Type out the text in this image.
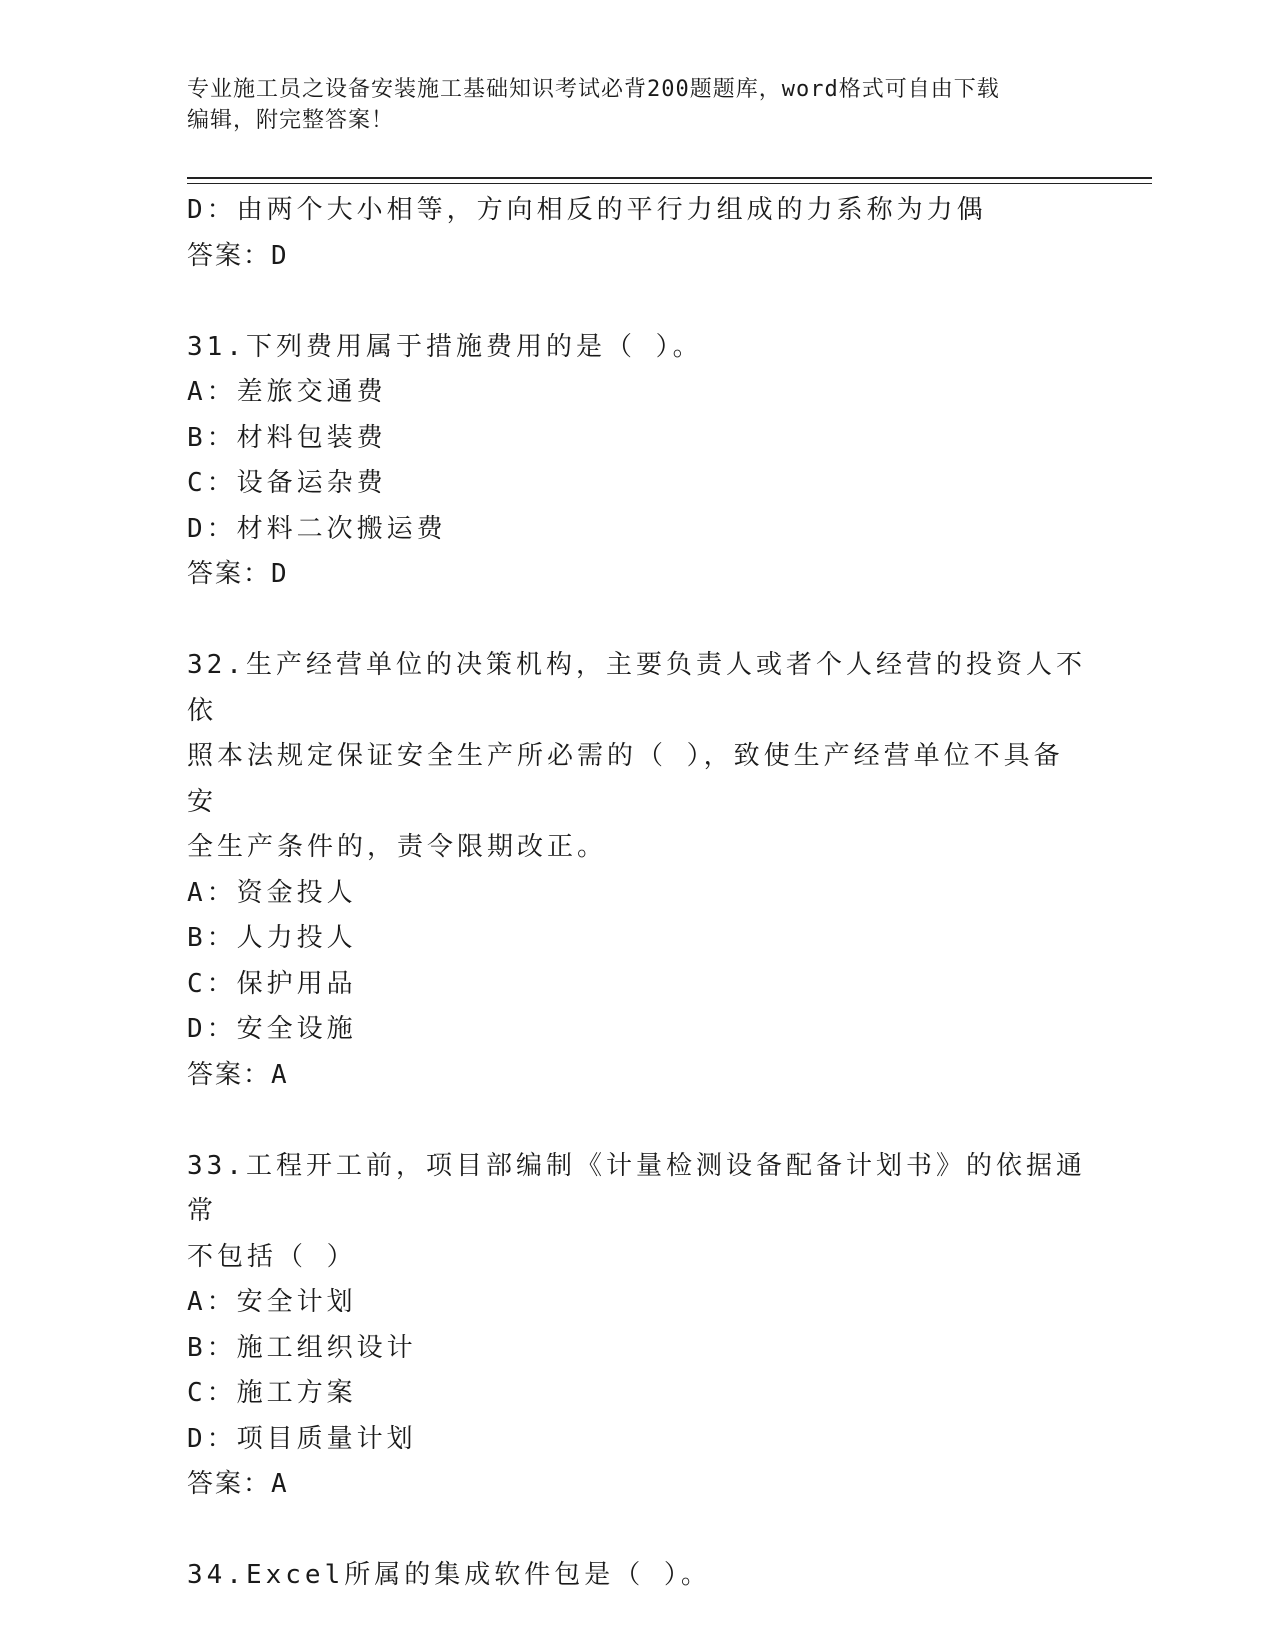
专业施工员之设备安装施工基础知识考试必背200题题库，word格式可自由下载
编辑，附完整答案！
D：由两个大小相等，方向相反的平行力组成的力系称为力偶
答案：D
31.下列费用属于措施费用的是（ ）。
A：差旅交通费
B：材料包装费
C：设备运杂费
D：材料二次搬运费
答案：D
32.生产经营单位的决策机构，主要负责人或者个人经营的投资人不依
照本法规定保证安全生产所必需的（ ），致使生产经营单位不具备安
全生产条件的，责令限期改正。
A：资金投人
B：人力投人
C：保护用品
D：安全设施
答案：A
33.工程开工前，项目部编制《计量检测设备配备计划书》的依据通常
不包括（ ）
A：安全计划
B：施工组织设计
C：施工方案
D：项目质量计划
答案：A
34.Excel所属的集成软件包是（ ）。
